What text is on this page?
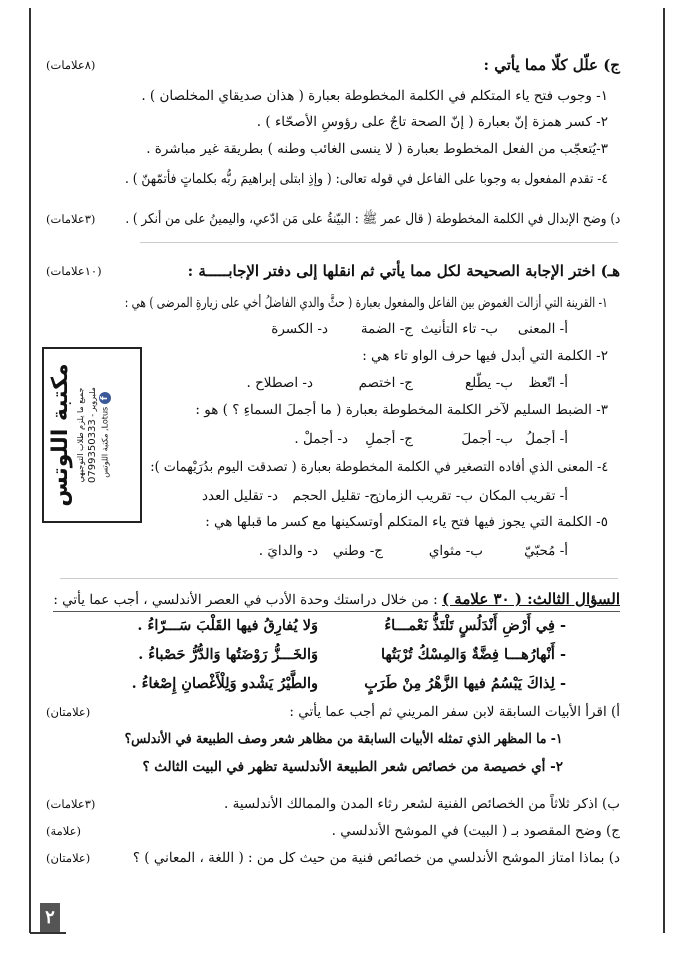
ج) علّل كلّا مما يأتي :
(٨علامات)
١- وجوب فتح ياء المتكلم في الكلمة المخطوطة بعبارة ( هذان صديقاي المخلصان ) .
٢- كسر همزة إنّ بعبارة ( إنّ الصحة تاجٌ على رؤوسِ الأصحّاء ) .
٣-يُتعجّب من الفعل المخطوط بعبارة ( لا ينسى الغائب وطنه ) بطريقة غير مباشرة .
٤- تقدم المفعول به وجوبا على الفاعل في قوله تعالى: ( وإذِ ابتلى إبراهيمَ ربُّه بكلماتٍ فأتمّهنّ ) .
د) وضح الإبدال في الكلمة المخطوطة ( قال عمر ﷺ : البيّنةُ على مَن ادّعي، واليمينُ على من أنكر ) .
(٣علامات)
هـ) اختر الإجابة الصحيحة لكل مما يأتي ثم انقلها إلى دفتر الإجابـــــة :
(١٠علامات)
١- القرينة التي أزالت الغموض بين الفاعل والمفعول بعبارة ( حثَّ والدي الفاضلُ أخي على زيارةِ المرضى ) هي :
أ- المعنى
ب- تاء التأنيث
ج- الضمة
د- الكسرة
٢- الكلمة التي أبدل فيها حرف الواو تاء هي :
أ- اتّعظ
ب- يطّلع
ج- اختصم
د- اصطلاح .
٣- الضبط السليم لآخر الكلمة المخطوطة بعبارة ( ما أجملَ السماءِ ؟ ) هو :
أ- أجملُ
ب- أجملَ
ج- أجملِ
د- أجملْ .
٤- المعنى الذي أفاده التصغير في الكلمة المخطوطة بعبارة ( تصدقت اليوم بدُرَيْهمات ):
أ- تقريب المكان
ب- تقريب الزمان
ج- تقليل الحجم
د- تقليل العدد
٥- الكلمة التي يجوز فيها فتح ياء المتكلم أوتسكينها مع كسر ما قبلها هي :
أ- مُحبّيّ
ب- مثواي
ج- وطني
د- والدايَ .
مكتبة اللوتس جميع ما يلزم طلاب التوجيهي ملبروير - 0799350333
f Lotus, مكتبة اللوتس
السؤال الثالث: ( ٣٠ علامة ) : من خلال دراستك وحدة الأدب في العصر الأندلسي ، أجب عما يأتي :
- فِي أَرْضِ أَنْدَلُسٍ تَلْتَذُّ نَعْمـــاءُ
وَلا يُفارِقُ فيها القَلْبَ سَـــرّاءُ .
- أَنْهارُهـــا فِضَّةٌ وَالمِسْكُ تُرْبَتُها
وَالخَـــزُّ رَوْضَتُها وَالدُّرُّ حَصْباءُ .
- لِذاكَ يَبْسُمُ فيها الزَّهْرُ مِنْ طَرَبٍ
والطَّيْرُ يَشْدو وَلِلْأَغْصانِ إِصْغاءُ .
أ) اقرأ الأبيات السابقة لابن سفر المريني ثم أجب عما يأتي :
(علامتان)
١- ما المظهر الذي تمثله الأبيات السابقة من مظاهر شعر وصف الطبيعة في الأندلس؟
٢- أي خصيصة من خصائص شعر الطبيعة الأندلسية تظهر في البيت الثالث ؟
ب) اذكر ثلاثاً من الخصائص الفنية لشعر رثاء المدن والممالك الأندلسية .
(٣علامات)
ج) وضح المقصود بـ ( البيت) في الموشح الأندلسي .
(علامة)
د) بماذا امتاز الموشح الأندلسي من خصائص فنية من حيث كل من : ( اللغة ، المعاني ) ؟
(علامتان)
٢
